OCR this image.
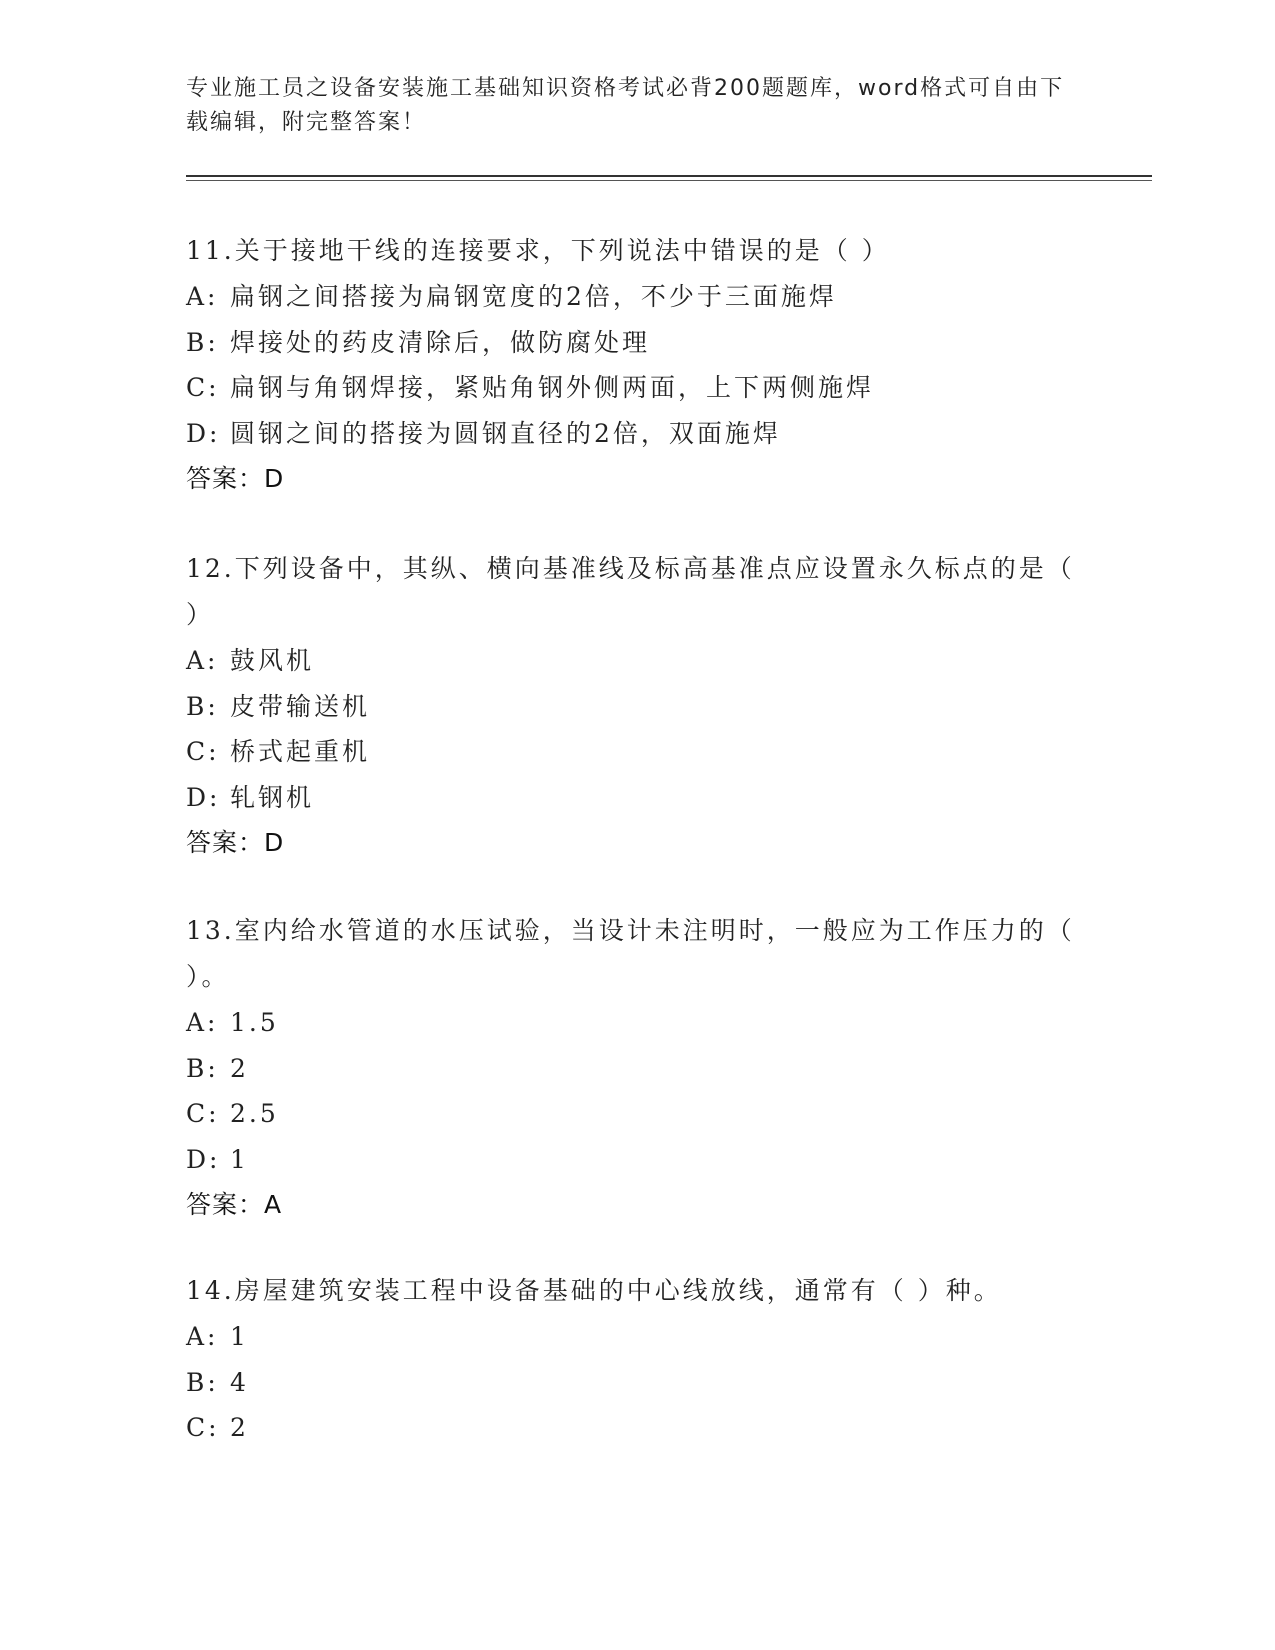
专业施工员之设备安装施工基础知识资格考试必背200题题库，word格式可自由下载编辑，附完整答案！

11.关于接地干线的连接要求，下列说法中错误的是（ ）

A: 扁钢之间搭接为扁钢宽度的2倍，不少于三面施焊

B: 焊接处的药皮清除后，做防腐处理

C: 扁钢与角钢焊接，紧贴角钢外侧两面，上下两侧施焊

D: 圆钢之间的搭接为圆钢直径的2倍，双面施焊

答案：D

12.下列设备中，其纵、横向基准线及标高基准点应设置永久标点的是（ ）

A: 鼓风机

B: 皮带输送机

C: 桥式起重机

D: 轧钢机

答案：D

13.室内给水管道的水压试验，当设计未注明时，一般应为工作压力的（ ）。

A: 1.5

B: 2

C: 2.5

D: 1

答案：A

14.房屋建筑安装工程中设备基础的中心线放线，通常有（ ）种。

A: 1

B: 4

C: 2
